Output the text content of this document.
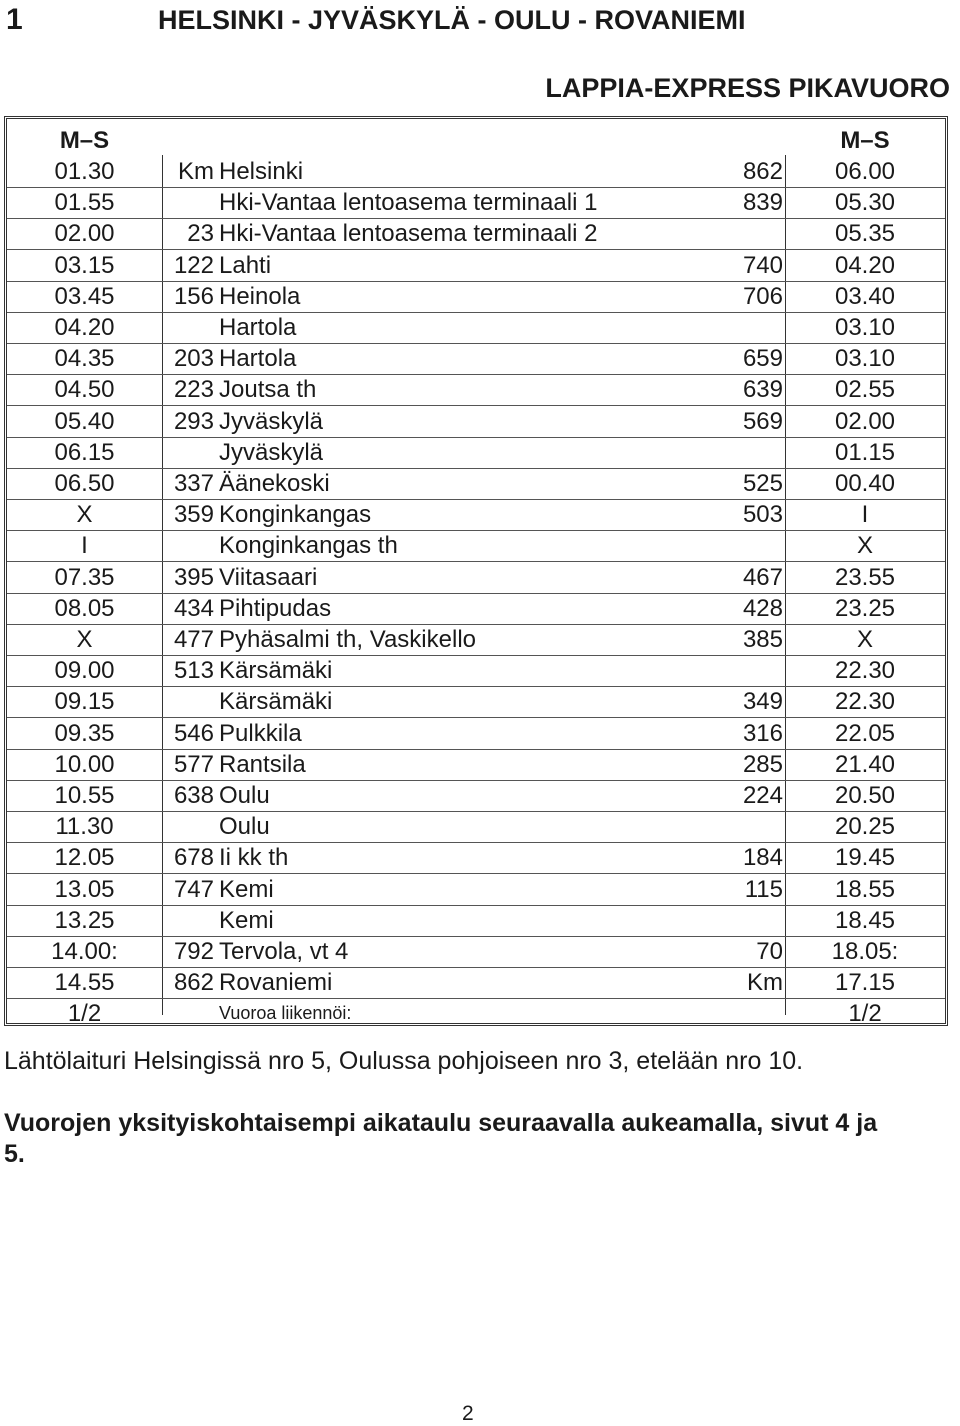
1	HELSINKI - JYVÄSKYLÄ - OULU - ROVANIEMI
LAPPIA-EXPRESS PIKAVUORO
M–S	M–S
01.30	Km Helsinki	862	06.00
01.55	Hki-Vantaa lentoasema terminaali 1	839	05.30
02.00	23 Hki-Vantaa lentoasema terminaali 2	05.35
03.15	122 Lahti	740	04.20
03.45	156 Heinola	706	03.40
04.20	Hartola	03.10
04.35	203 Hartola	659	03.10
04.50	223 Joutsa th	639	02.55
05.40	293 Jyväskylä	569	02.00
06.15	Jyväskylä	01.15
06.50	337 Äänekoski	525	00.40
X	359 Konginkangas	503	I
I	Konginkangas th	X
07.35	395 Viitasaari	467	23.55
08.05	434 Pihtipudas	428	23.25
X	477 Pyhäsalmi th, Vaskikello	385	X
09.00	513 Kärsämäki	22.30
09.15	Kärsämäki	349	22.30
09.35	546 Pulkkila	316	22.05
10.00	577 Rantsila	285	21.40
10.55	638 Oulu	224	20.50
11.30	Oulu	20.25
12.05	678 Ii kk th	184	19.45
13.05	747 Kemi	115	18.55
13.25	Kemi	18.45
14.00:	792 Tervola, vt 4	70	18.05:
14.55	862 Rovaniemi	Km	17.15
1/2	Vuoroa liikennöi:	1/2
Lähtölaituri Helsingissä nro 5, Oulussa pohjoiseen nro 3, etelään nro 10.
Vuorojen yksityiskohtaisempi aikataulu seuraavalla aukeamalla, sivut 4 ja 5.
2
